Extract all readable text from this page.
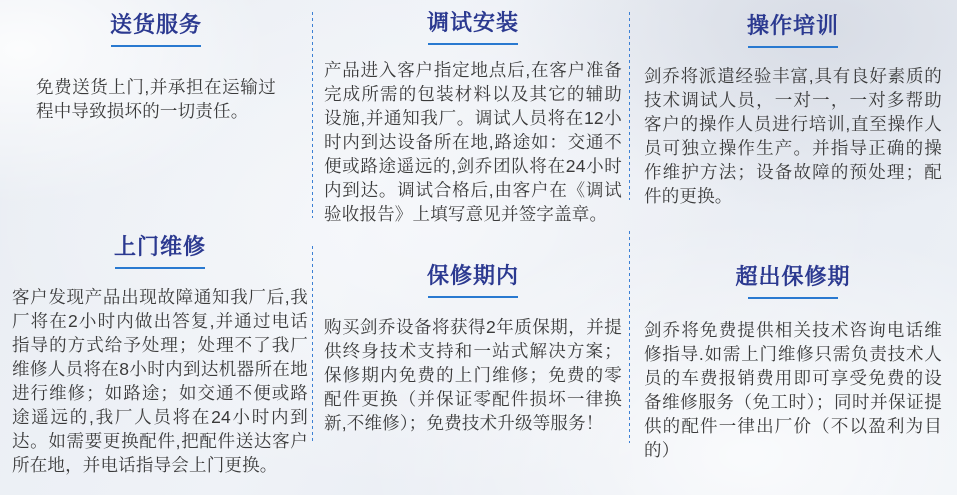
送货服务
免费送货上门,并承担在运输过程中导致损坏的一切责任。
调试安装
产品进入客户指定地点后,在客户准备完成所需的包装材料以及其它的辅助设施,并通知我厂。调试人员将在12小时内到达设备所在地,路途如：交通不便或路途遥远的,剑乔团队将在24小时内到达。调试合格后,由客户在《调试验收报告》上填写意见并签字盖章。
操作培训
剑乔将派遣经验丰富,具有良好素质的技术调试人员，一对一，一对多帮助客户的操作人员进行培训,直至操作人员可独立操作生产。并指导正确的操作维护方法；设备故障的预处理；配件的更换。
上门维修
客户发现产品出现故障通知我厂后,我厂将在2小时内做出答复,并通过电话指导的方式给予处理；处理不了我厂维修人员将在8小时内到达机器所在地进行维修；如路途；如交通不便或路途遥远的,我厂人员将在24小时内到达。如需要更换配件,把配件送达客户所在地，并电话指导会上门更换。
保修期内
购买剑乔设备将获得2年质保期，并提供终身技术支持和一站式解决方案；保修期内免费的上门维修；免费的零配件更换（并保证零配件损坏一律换新,不维修）；免费技术升级等服务！
超出保修期
剑乔将免费提供相关技术咨询电话维修指导.如需上门维修只需负责技术人员的车费报销费用即可享受免费的设备维修服务（免工时）；同时并保证提供的配件一律出厂价（不以盈利为目的）
